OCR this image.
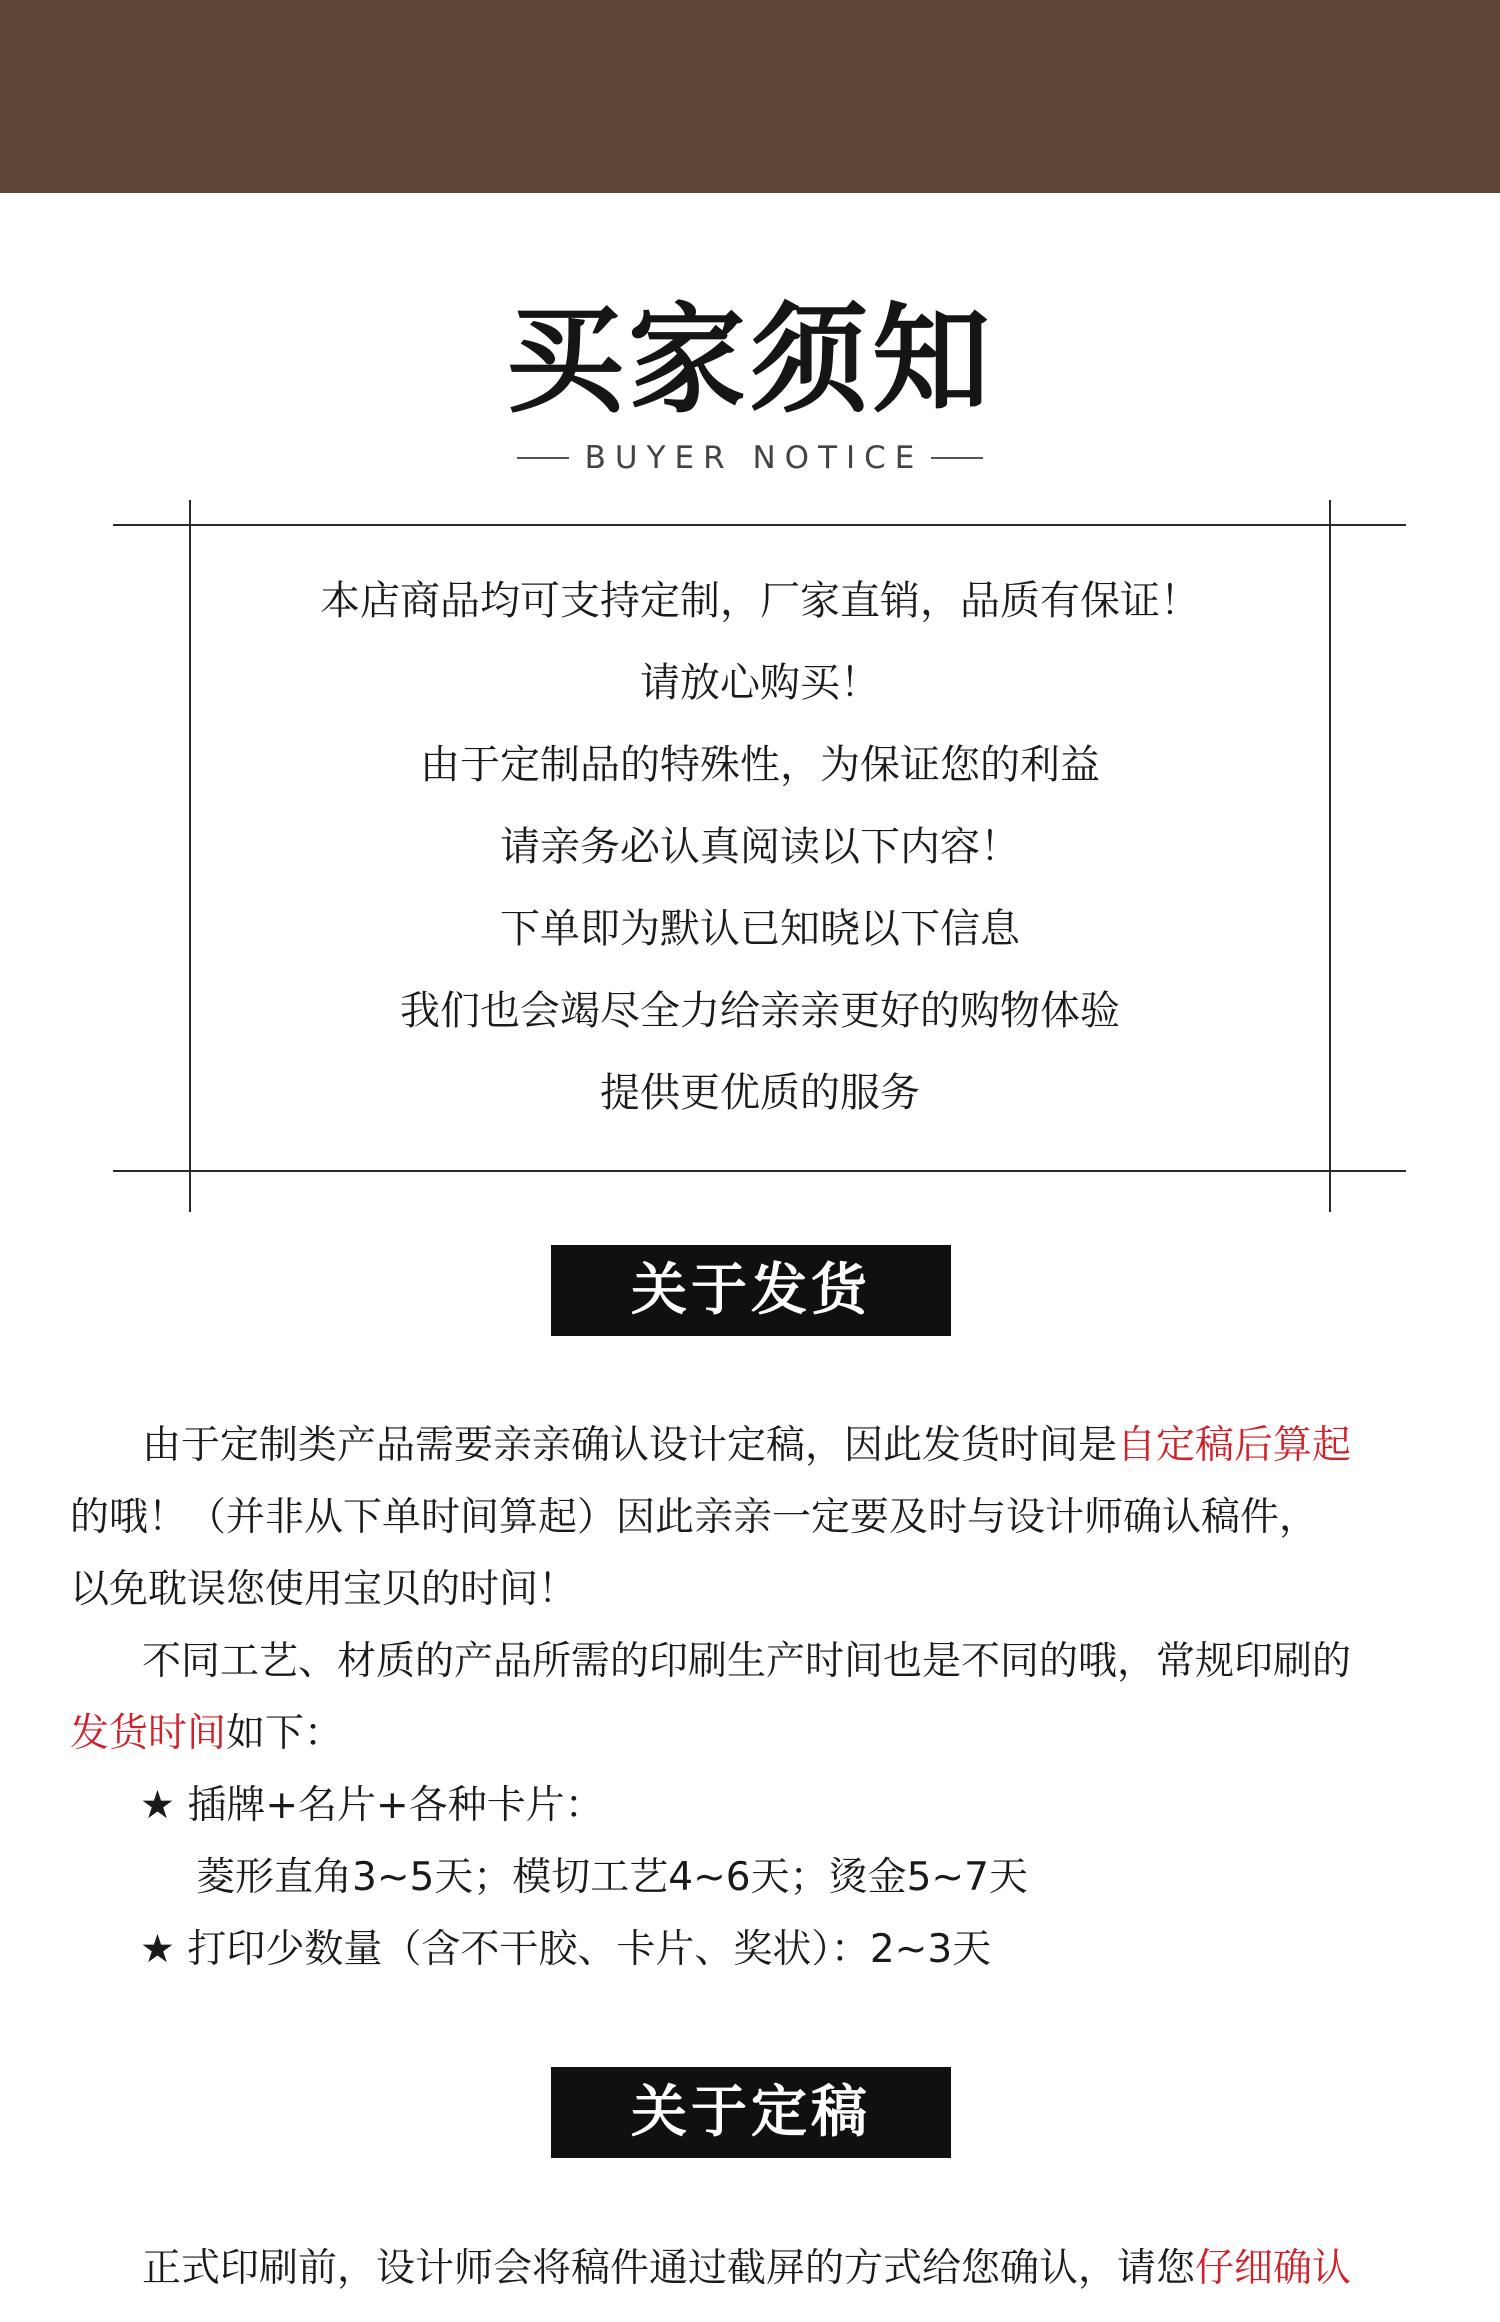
买家须知
BUYER NOTICE
本店商品均可支持定制，厂家直销，品质有保证！
请放心购买！
由于定制品的特殊性，为保证您的利益
请亲务必认真阅读以下内容！
下单即为默认已知晓以下信息
我们也会竭尽全力给亲亲更好的购物体验
提供更优质的服务
关于发货
由于定制类产品需要亲亲确认设计定稿，因此发货时间是自定稿后算起
的哦！（并非从下单时间算起）因此亲亲一定要及时与设计师确认稿件，
以免耽误您使用宝贝的时间！
不同工艺、材质的产品所需的印刷生产时间也是不同的哦，常规印刷的
发货时间如下：
★ 插牌+名片+各种卡片：
菱形直角3~5天；模切工艺4~6天；烫金5~7天
★ 打印少数量（含不干胶、卡片、奖状）：2~3天
关于定稿
正式印刷前，设计师会将稿件通过截屏的方式给您确认，请您仔细确认
